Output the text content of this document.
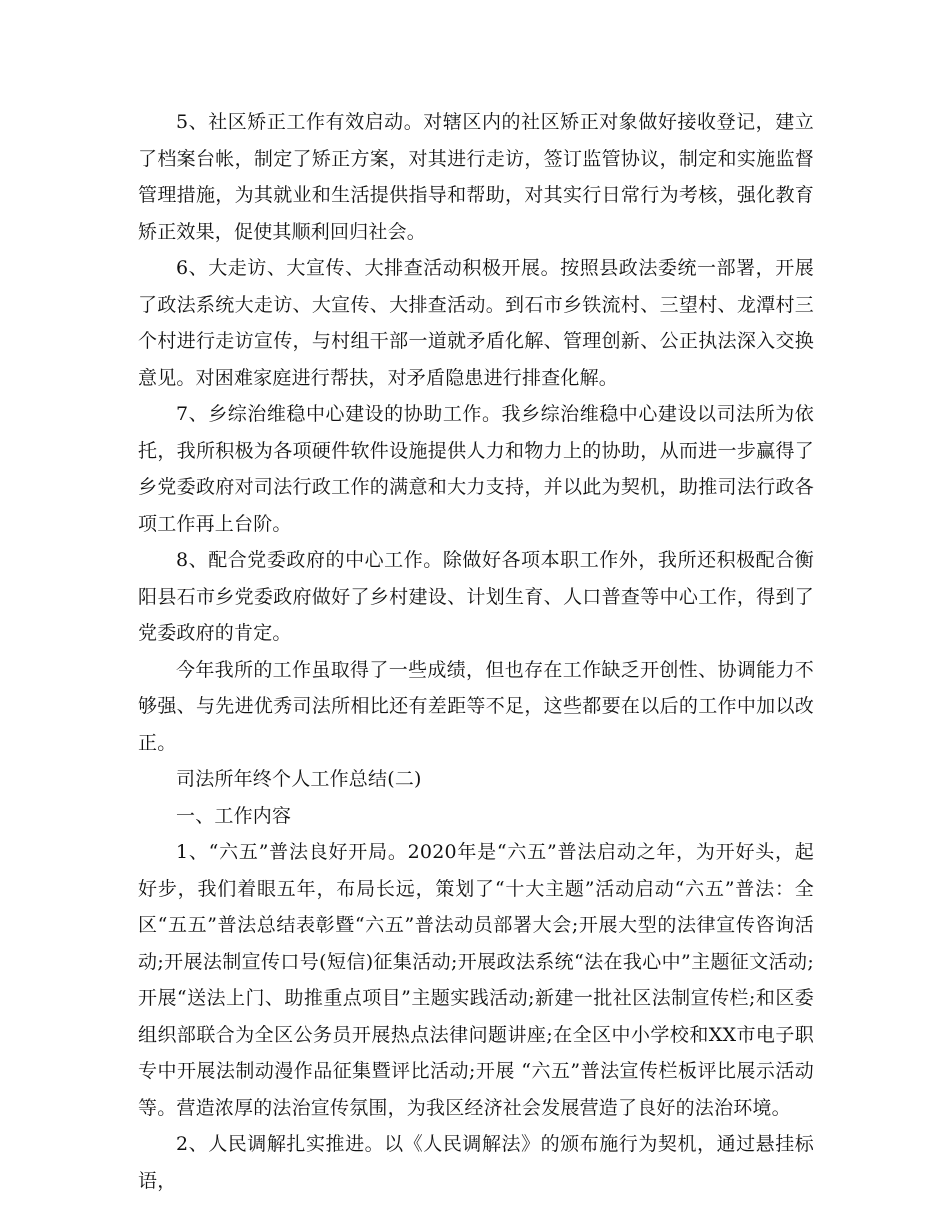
5、社区矫正工作有效启动。对辖区内的社区矫正对象做好接收登记，建立了档案台帐，制定了矫正方案，对其进行走访，签订监管协议，制定和实施监督管理措施，为其就业和生活提供指导和帮助，对其实行日常行为考核，强化教育矫正效果，促使其顺利回归社会。

6、大走访、大宣传、大排查活动积极开展。按照县政法委统一部署，开展了政法系统大走访、大宣传、大排查活动。到石市乡铁流村、三望村、龙潭村三个村进行走访宣传，与村组干部一道就矛盾化解、管理创新、公正执法深入交换意见。对困难家庭进行帮扶，对矛盾隐患进行排查化解。

7、乡综治维稳中心建设的协助工作。我乡综治维稳中心建设以司法所为依托，我所积极为各项硬件软件设施提供人力和物力上的协助，从而进一步赢得了乡党委政府对司法行政工作的满意和大力支持，并以此为契机，助推司法行政各项工作再上台阶。

8、配合党委政府的中心工作。除做好各项本职工作外，我所还积极配合衡阳县石市乡党委政府做好了乡村建设、计划生育、人口普查等中心工作，得到了党委政府的肯定。

今年我所的工作虽取得了一些成绩，但也存在工作缺乏开创性、协调能力不够强、与先进优秀司法所相比还有差距等不足，这些都要在以后的工作中加以改正。

司法所年终个人工作总结(二)

一、工作内容

1、“六五”普法良好开局。2020年是“六五”普法启动之年，为开好头，起好步，我们着眼五年，布局长远，策划了“十大主题”活动启动“六五”普法：全区“五五”普法总结表彰暨“六五”普法动员部署大会;开展大型的法律宣传咨询活动;开展法制宣传口号(短信)征集活动;开展政法系统“法在我心中”主题征文活动;开展“送法上门、助推重点项目”主题实践活动;新建一批社区法制宣传栏;和区委组织部联合为全区公务员开展热点法律问题讲座;在全区中小学校和XX市电子职专中开展法制动漫作品征集暨评比活动;开展 “六五”普法宣传栏板评比展示活动等。营造浓厚的法治宣传氛围，为我区经济社会发展营造了良好的法治环境。

2、人民调解扎实推进。以《人民调解法》的颁布施行为契机，通过悬挂标语，
